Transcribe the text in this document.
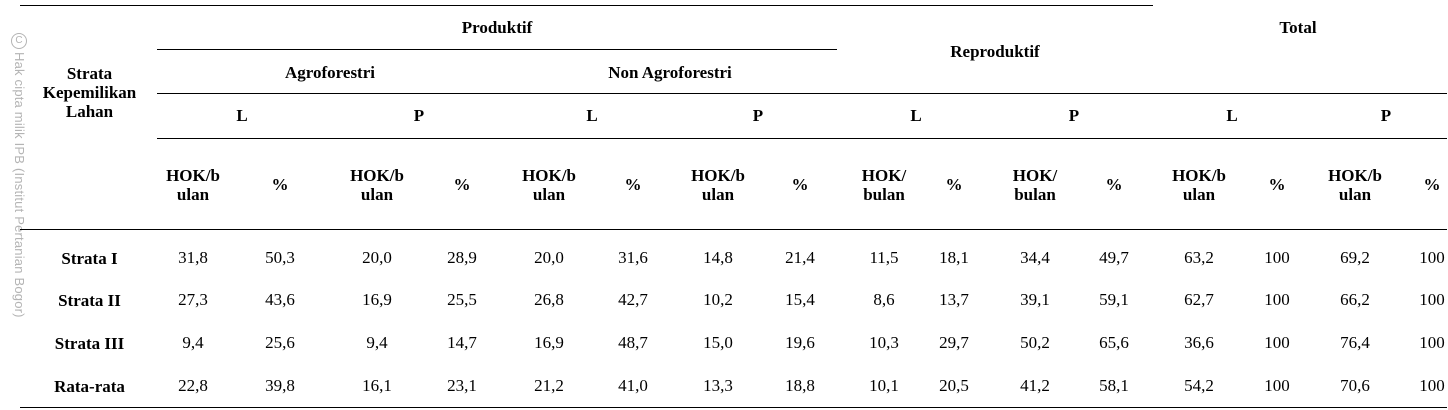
C
Hak cipta milik IPB (Institut Pertanian Bogor)	Strata
Kepemilikan
Lahan
Produktif
Reproduktif
Total
Agroforestri	Non Agroforestri
L	P	L	P	L	P	L	P
HOK/b
ulan
%	HOK/b
ulan
%	HOK/b
ulan
%	HOK/b
ulan
%	HOK/
bulan
%	HOK/
bulan
%	HOK/b
ulan
%	HOK/b
ulan
%
Strata I	31,8	50,3	20,0	28,9	20,0	31,6	14,8	21,4	11,5	18,1	34,4	49,7	63,2	100	69,2	100
Strata II	27,3	43,6	16,9	25,5	26,8	42,7	10,2	15,4	8,6	13,7	39,1	59,1	62,7	100	66,2	100
Strata III	9,4	25,6	9,4	14,7	16,9	48,7	15,0	19,6	10,3	29,7	50,2	65,6	36,6	100	76,4	100
Rata-rata	22,8	39,8	16,1	23,1	21,2	41,0	13,3	18,8	10,1	20,5	41,2	58,1	54,2	100	70,6	100
